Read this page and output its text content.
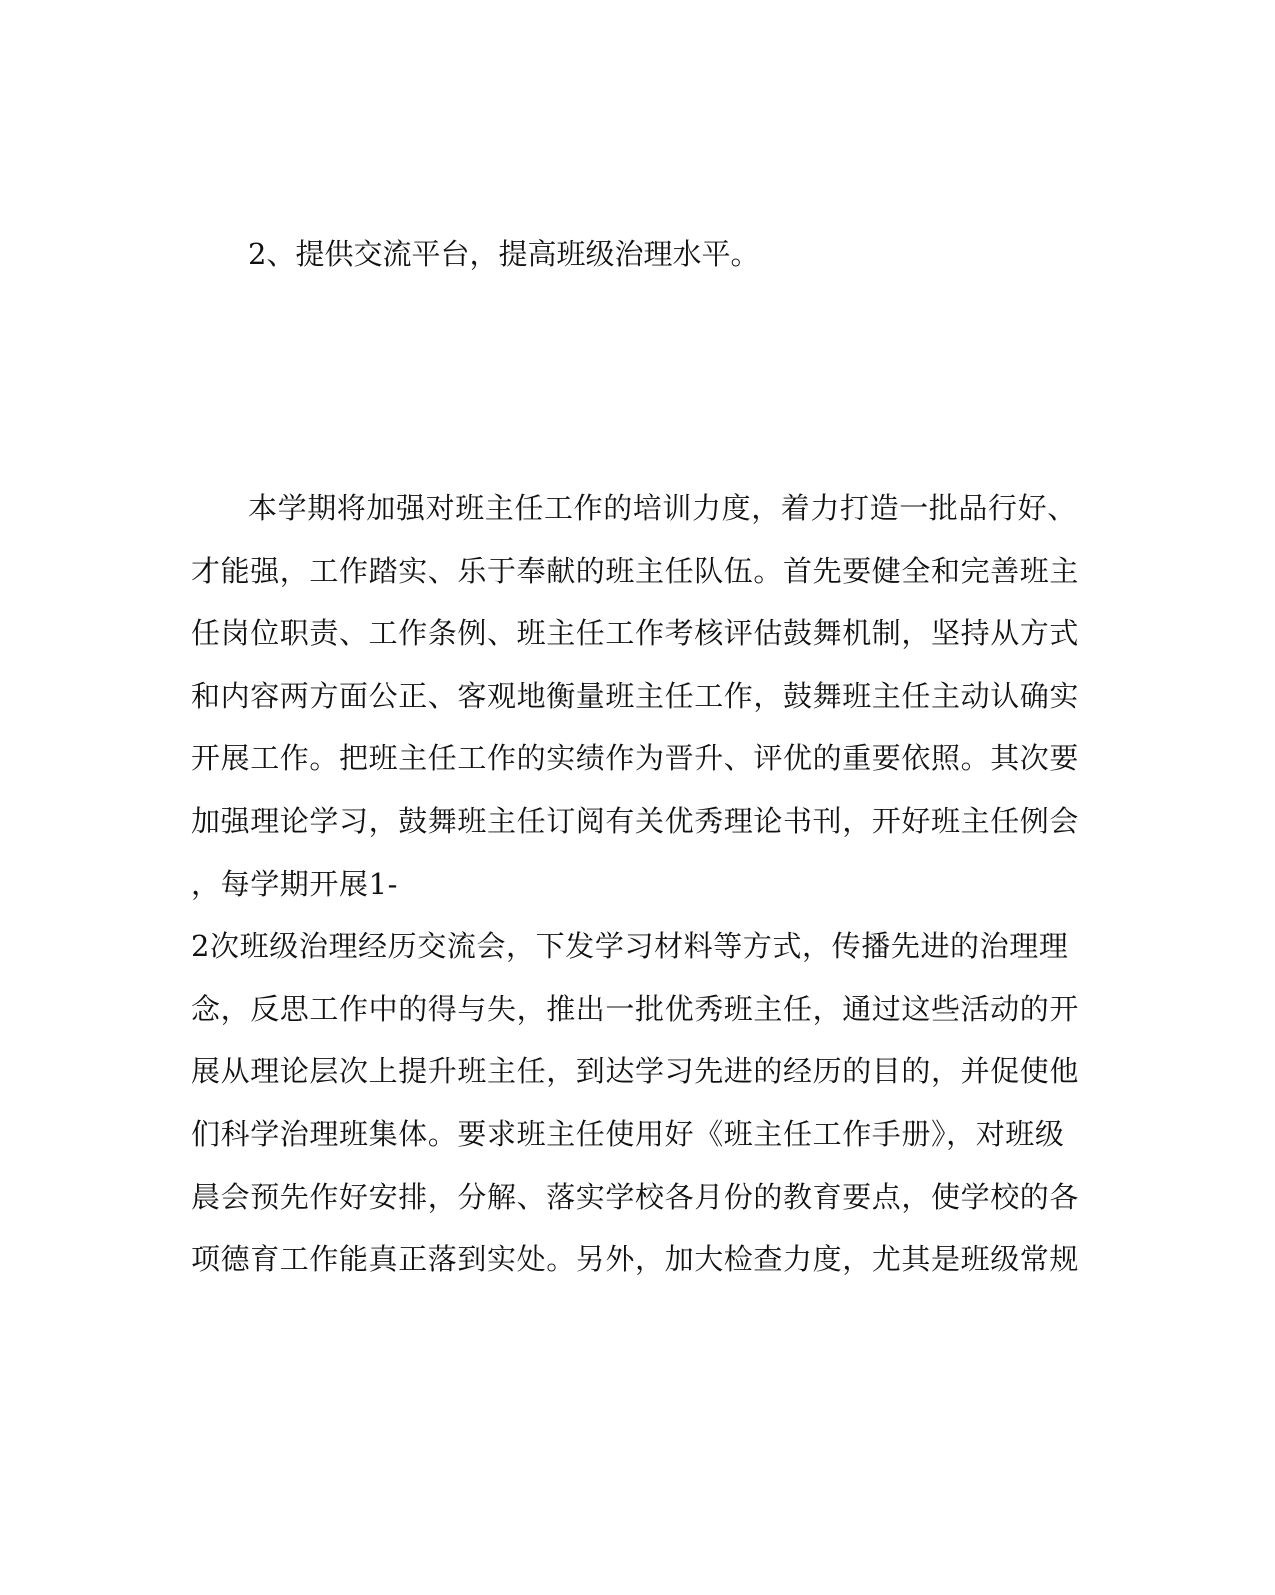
2、提供交流平台，提高班级治理水平。
本学期将加强对班主任工作的培训力度，着力打造一批品行好、
才能强，工作踏实、乐于奉献的班主任队伍。首先要健全和完善班主
任岗位职责、工作条例、班主任工作考核评估鼓舞机制，坚持从方式
和内容两方面公正、客观地衡量班主任工作，鼓舞班主任主动认确实
开展工作。把班主任工作的实绩作为晋升、评优的重要依照。其次要
加强理论学习，鼓舞班主任订阅有关优秀理论书刊，开好班主任例会
，每学期开展1-
2次班级治理经历交流会，下发学习材料等方式，传播先进的治理理
念，反思工作中的得与失，推出一批优秀班主任，通过这些活动的开
展从理论层次上提升班主任，到达学习先进的经历的目的，并促使他
们科学治理班集体。要求班主任使用好《班主任工作手册》，对班级
晨会预先作好安排，分解、落实学校各月份的教育要点，使学校的各
项德育工作能真正落到实处。另外，加大检查力度，尤其是班级常规
